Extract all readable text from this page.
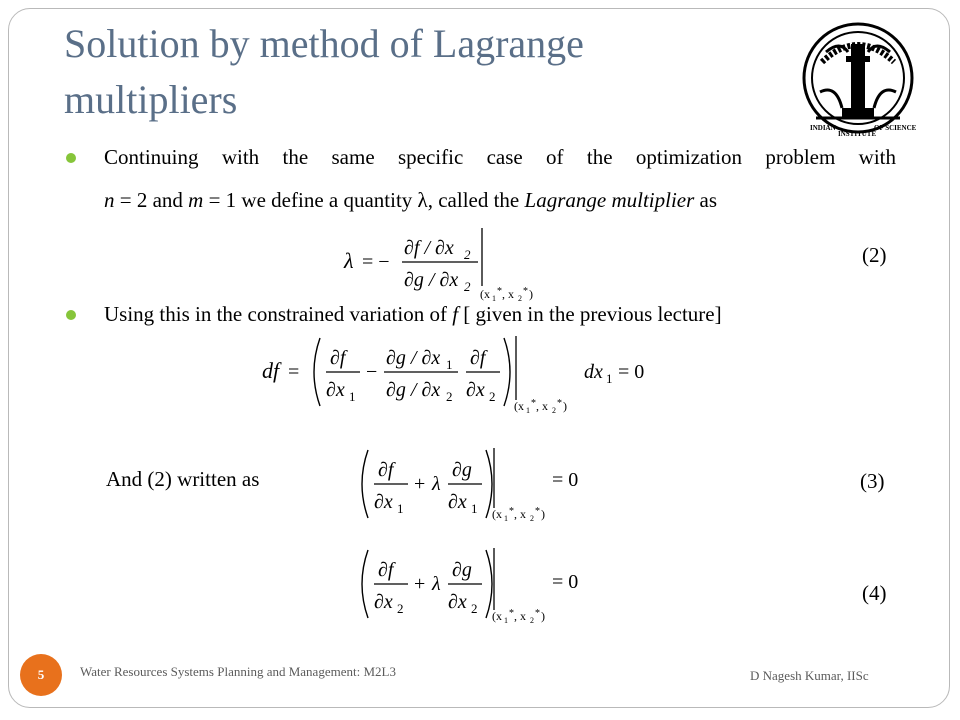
Solution by method of Lagrange multipliers
INDIAN
INSTITUTE
OF SCIENCE
Continuing with the same specific case of the optimization problem with
n = 2 and m = 1 we define a quantity λ, called the Lagrange multiplier as
λ = −
∂f / ∂x 2
∂g / ∂x 2 (x 1
* , x 2
* )
(2)
Using this in the constrained variation of f [ given in the previous lecture]
df =
∂f
∂x 1
−
∂g / ∂x 1
∂g / ∂x 2
∂f
∂x 2
(x 1
* , x 2
* )
dx 1 = 0
And (2) written as	∂f
∂x 1
+ λ
∂g
∂x 1 (x 1
* , x 2
* )
= 0	(3)
∂f
∂x 2
+ λ
∂g
∂x 2 (x 1
* , x 2
* )
= 0	(4)
5	Water Resources Systems Planning and Management: M2L3	D Nagesh Kumar, IISc
